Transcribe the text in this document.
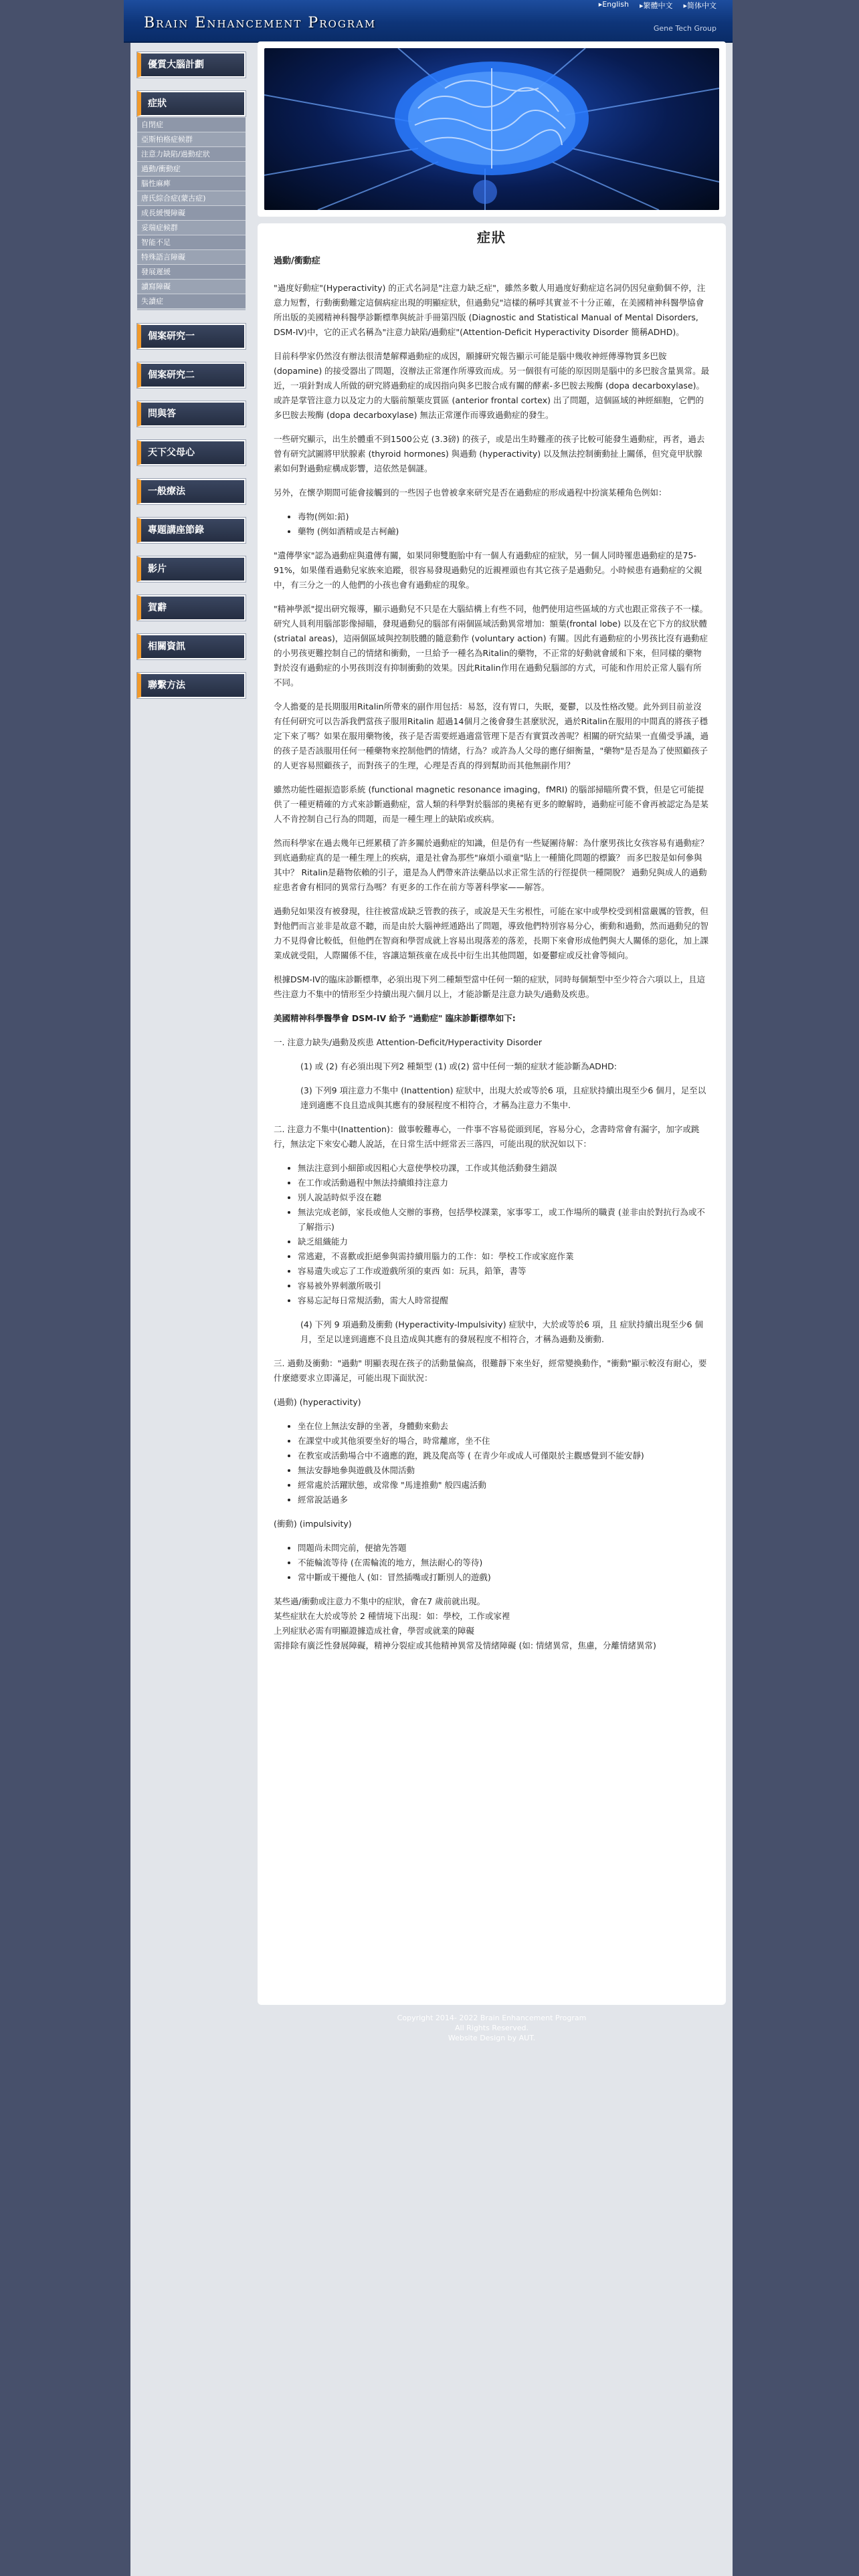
Brain Enhancement Program
▸English ▸繁體中文 ▸简体中文
Gene Tech Group
優質大腦計劃
症狀
自閉症
亞斯柏格症候群
注意力缺陷/過動症狀
過動/衝動症
腦性麻痺
唐氏綜合症(蒙古症)
成長緩慢障礙
妥瑞症候群
智能不足
特殊語言障礙
發展遲緩
讀寫障礙
失讀症
個案研究一
個案研究二
問與答
天下父母心
一般療法
專題講座節錄
影片
賀辭
相關資訊
聯繫方法
症狀
過動/衝動症

"過度好動症"(Hyperactivity) 的正式名詞是"注意力缺乏症"，雖然多數人用過度好動症這名詞仍因兒童動個不停，注意力短暫，行動衝動難定這個病症出現的明顯症狀，但過動兒"這樣的稱呼其實並不十分正確，在美國精神科醫學協會所出版的美國精神科醫學診斷標準與統計手冊第四版 (Diagnostic and Statistical Manual of Mental Disorders, DSM-IV)中，它的正式名稱為"注意力缺陷/過動症"(Attention-Deficit Hyperactivity Disorder 簡稱ADHD)。

目前科學家仍然沒有辦法很清楚解釋過動症的成因，願據研究報告顯示可能是腦中幾收神經傳導物質多巴胺 (dopamine) 的接受器出了問題，沒辦法正常運作所導致而成。另一個很有可能的原因則是腦中的多巴胺含量異常。最近，一項針對成人所做的研究將過動症的成因指向與多巴胺合成有關的酵素-多巴胺去羧酶 (dopa decarboxylase)。或許是掌管注意力以及定力的大腦前額葉皮質區 (anterior frontal cortex) 出了問題，這個區域的神經細胞，它們的多巴胺去羧酶 (dopa decarboxylase) 無法正常運作而導致過動症的發生。

一些研究顯示，出生於體重不到1500公克 (3.3磅) 的孩子，或是出生時難產的孩子比較可能發生過動症，再者，過去曾有研究試圖將甲狀腺素 (thyroid hormones) 與過動 (hyperactivity) 以及無法控制衝動扯上關係，但究竟甲狀腺素如何對過動症構成影響，這依然是個謎。

另外，在懷孕期間可能會接觸到的一些因子也曾被拿來研究是否在過動症的形成過程中扮演某種角色例如：

• 毒物(例如:鉛)
• 藥物 (例如酒精或是古柯鹼)

"遺傳學家"認為過動症與遺傳有關，如果同卵雙胞胎中有一個人有過動症的症狀，另一個人同時罹患過動症的是75-91%，如果僅看過動兒家族來追蹤，很容易發現過動兒的近親裡頭也有其它孩子是過動兒。小時候患有過動症的父親中，有三分之一的人他們的小孩也會有過動症的現象。

"精神學派"提出研究報導，顯示過動兒不只是在大腦結構上有些不同，他們使用這些區域的方式也跟正常孩子不一樣。研究人員利用腦部影像掃瞄，發現過動兒的腦部有兩個區域活動異常增加：額葉(frontal lobe) 以及在它下方的紋狀體 (striatal areas)，這兩個區域與控制肢體的隨意動作 (voluntary action) 有關。因此有過動症的小男孩比沒有過動症的小男孩更難控制自己的情緒和衝動，一旦給予一種名為Ritalin的藥物，不正常的好動就會緩和下來，但同樣的藥物對於沒有過動症的小男孩則沒有抑制衝動的效果。因此Ritalin作用在過動兒腦部的方式，可能和作用於正常人腦有所不同。

令人擔憂的是長期服用Ritalin所帶來的副作用包括：易怒，沒有胃口，失眠，憂鬱，以及性格改變。此外到目前並沒有任何研究可以告訴我們當孩子服用Ritalin 超過14個月之後會發生甚麼狀況，過於Ritalin在服用的中間真的將孩子穩定下來了嗎？如果在服用藥物後，孩子是否需要經過適當管理下是否有實質改善呢？相關的研究結果一直備受爭議，過的孩子是否該服用任何一種藥物來控制他們的情緒，行為？或許為人父母的應仔細衡量，"藥物"是否是為了使照顧孩子的人更容易照顧孩子，而對孩子的生理，心理是否真的得到幫助而其他無副作用？

雖然功能性磁振造影系統 (functional magnetic resonance imaging，fMRI) 的腦部掃瞄所費不貲，但是它可能提供了一種更精確的方式來診斷過動症，當人類的科學對於腦部的奧秘有更多的瞭解時，過動症可能不會再被認定為是某人不肯控制自己行為的問題，而是一種生理上的缺陷或疾病。

然而科學家在過去幾年已經累積了許多關於過動症的知識，但是仍有一些疑團待解：為什麼男孩比女孩容易有過動症？ 到底過動症真的是一種生理上的疾病，還是社會為那些"麻煩小頑童"貼上一種簡化問題的標籤？ 而多巴胺是如何參與其中？ Ritalin是藉物依賴的引子，還是為人們帶來許法藥品以求正常生活的行徑提供一種開脫？ 過動兒與成人的過動症患者會有相同的異常行為嗎？有更多的工作在前方等著科學家——解答。

過動兒如果沒有被發現，往往被當成缺乏管教的孩子，或說是天生劣根性，可能在家中或學校受到相當嚴厲的管教，但對他們而言並非是故意不聽，而是由於大腦神經通路出了問題，導致他們特別容易分心，衝動和過動，然而過動兒的智力不見得會比較低，但他們在智商和學習成就上容易出現落差的落差，長期下來會形成他們與大人關係的惡化，加上課業成就受阻，人際關係不佳，容讓這類孩童在成長中衍生出其他問題，如憂鬱症或反社會等傾向。

根據DSM-IV的臨床診斷標準，必須出現下列二種類型當中任何一類的症狀，同時每個類型中至少符合六項以上，且這些注意力不集中的情形至少持續出現六個月以上，才能診斷是注意力缺失/過動及疾患。

美國精神科學醫學會 DSM-IV 給予 "過動症" 臨床診斷標準如下:

一. 注意力缺失/過動及疾患 Attention-Deficit/Hyperactivity Disorder

(1) 或 (2) 有必須出現下列2 種類型 (1) 或(2) 當中任何一類的症狀才能診斷為ADHD:

(3) 下列9 項注意力不集中 (Inattention) 症狀中，出現大於或等於6 項，且症狀持續出現至少6 個月，足至以達到適應不良且造成與其應有的發展程度不相符合，才稱為注意力不集中.

二. 注意力不集中(Inattention)：做事較難專心，一件事不容易從頭到尾，容易分心，念書時常會有漏字，加字或跳行，無法定下來安心聽人說話，在日常生活中經常丟三落四，可能出現的狀況如以下：

• 無法注意到小細節或因粗心大意使學校功課，工作或其他活動發生錯誤
• 在工作或活動過程中無法持續維持注意力
• 別人說話時似乎沒在聽
• 無法完成老師，家長或他人交辦的事務，包括學校課業，家事零工，或工作場所的職責 (並非由於對抗行為或不了解指示)
• 缺乏組織能力
• 常逃避，不喜歡或拒絕參與需持續用腦力的工作：如：學校工作或家庭作業
• 容易遺失或忘了工作或遊戲所須的東西 如：玩具，鉛筆，書等
• 容易被外界刺激所吸引
• 容易忘記每日常規活動，需大人時常提醒

(4) 下列 9 項過動及衝動 (Hyperactivity-Impulsivity) 症狀中，大於或等於6 項，且 症狀持續出現至少6 個月，至足以達到適應不良且造成與其應有的發展程度不相符合，才稱為過動及衝動.

三. 過動及衝動："過動" 明顯表現在孩子的活動量偏高，很難靜下來坐好，經常變換動作，"衝動"顯示較沒有耐心，要什麼總要求立即滿足，可能出現下面狀況：

(過動) (hyperactivity)

• 坐在位上無法安靜的坐著，身體動來動去
• 在課堂中或其他須要坐好的場合，時常離席，坐不住
• 在教室或活動場合中不適應的跑，跳及爬高等 ( 在青少年或成人可僅限於主觀感覺到不能安靜)
• 無法安靜地參與遊戲及休閒活動
• 經常處於活躍狀態，或常像 "馬達推動" 般四處活動
• 經常說話過多

(衝動) (impulsivity)

• 問題尚未問完前，便搶先答題
• 不能輪流等待 (在需輪流的地方，無法耐心的等待)
• 常中斷或干擾他人 (如：冒然插嘴或打斷別人的遊戲)

某些過/衝動或注意力不集中的症狀，會在7 歲前就出現。

某些症狀在大於或等於 2 種情境下出現：如：學校，工作或家裡

上列症狀必需有明顯證據造成社會，學習或就業的障礙

需排除有廣泛性發展障礙，精神分裂症或其他精神異常及情緒障礙 (如: 情緒異常，焦慮，分離情緒異常)

Copyright 2014- 2022 Brain Enhancement Program
All Rights Reserved.
Website Design by AUT.
